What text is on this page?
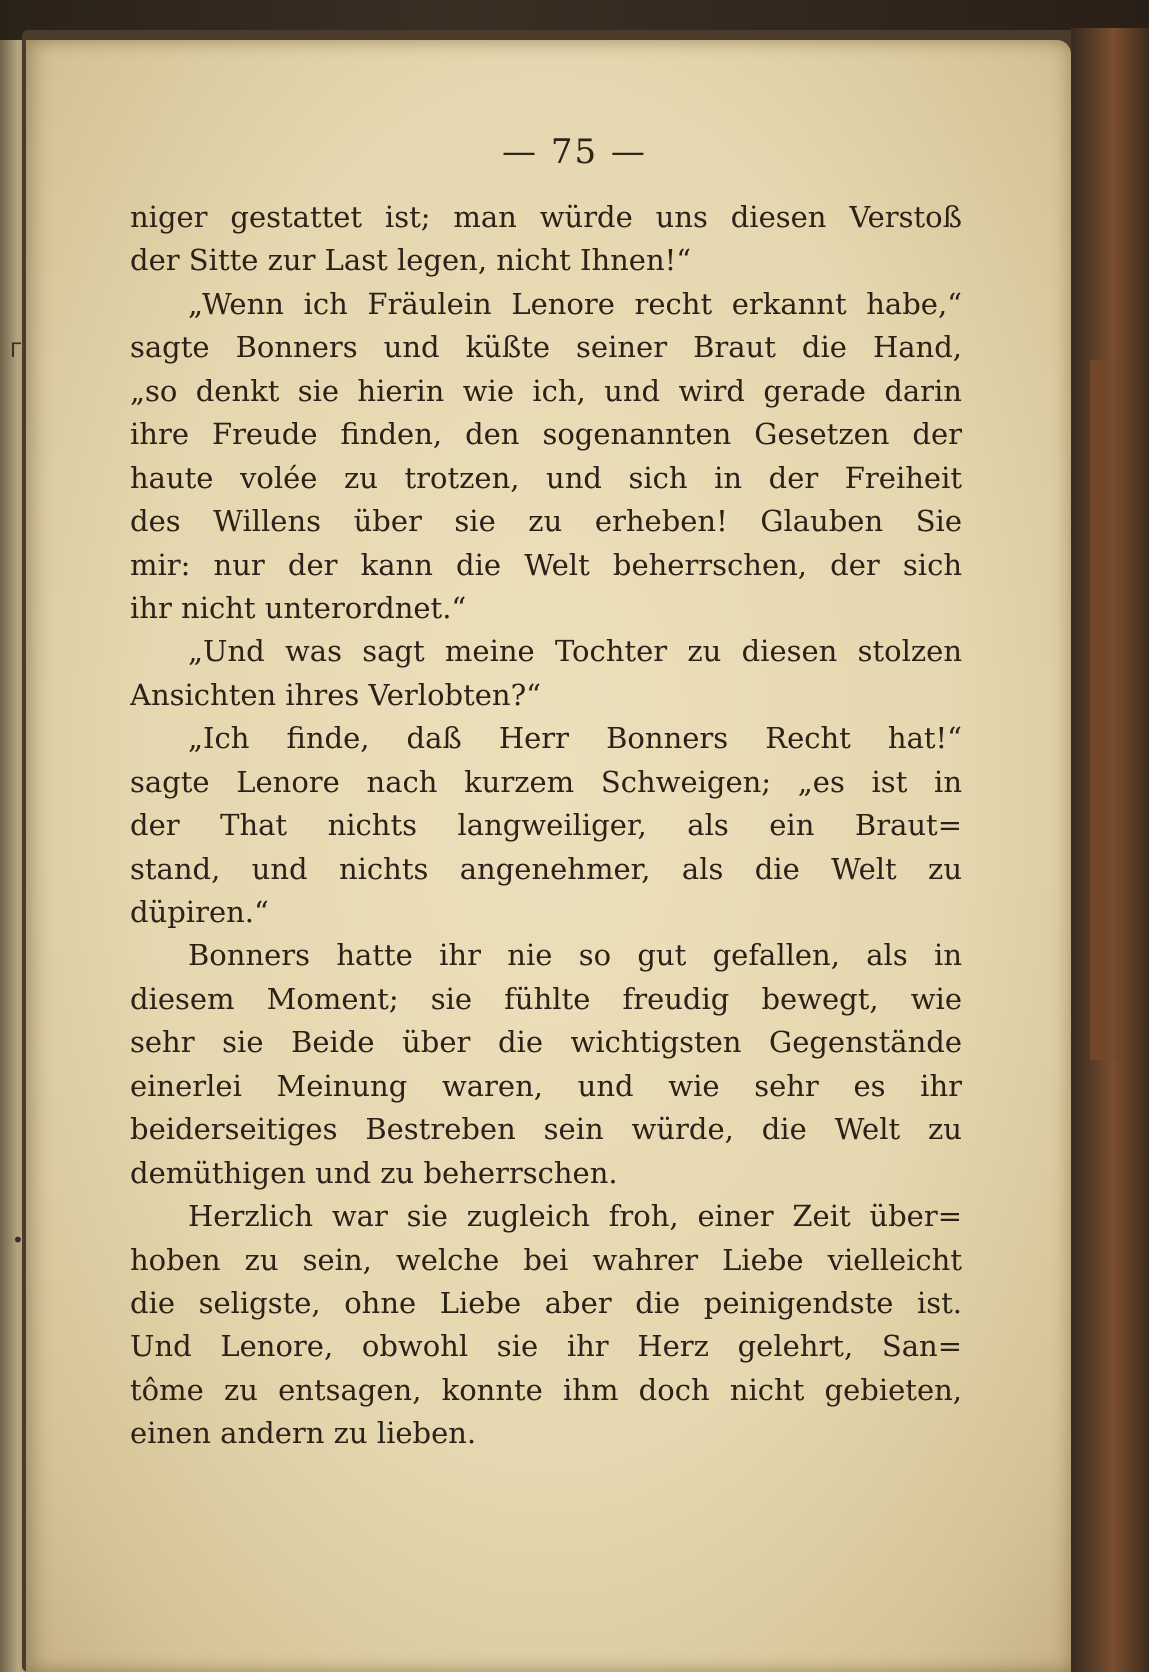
ᒥ
•
— 75 —
niger gestattet ist; man würde uns diesen Verstoß
der Sitte zur Last legen, nicht Ihnen!“
„Wenn ich Fräulein Lenore recht erkannt habe,“
sagte Bonners und küßte seiner Braut die Hand,
„so denkt sie hierin wie ich, und wird gerade darin
ihre Freude finden, den sogenannten Gesetzen der
haute volée zu trotzen, und sich in der Freiheit
des Willens über sie zu erheben! Glauben Sie
mir: nur der kann die Welt beherrschen, der sich
ihr nicht unterordnet.“
„Und was sagt meine Tochter zu diesen stolzen
Ansichten ihres Verlobten?“
„Ich finde, daß Herr Bonners Recht hat!“
sagte Lenore nach kurzem Schweigen; „es ist in
der That nichts langweiliger, als ein Braut=
stand, und nichts angenehmer, als die Welt zu
düpiren.“
Bonners hatte ihr nie so gut gefallen, als in
diesem Moment; sie fühlte freudig bewegt, wie
sehr sie Beide über die wichtigsten Gegenstände
einerlei Meinung waren, und wie sehr es ihr
beiderseitiges Bestreben sein würde, die Welt zu
demüthigen und zu beherrschen.
Herzlich war sie zugleich froh, einer Zeit über=
hoben zu sein, welche bei wahrer Liebe vielleicht
die seligste, ohne Liebe aber die peinigendste ist.
Und Lenore, obwohl sie ihr Herz gelehrt, San=
tôme zu entsagen, konnte ihm doch nicht gebieten,
einen andern zu lieben.
